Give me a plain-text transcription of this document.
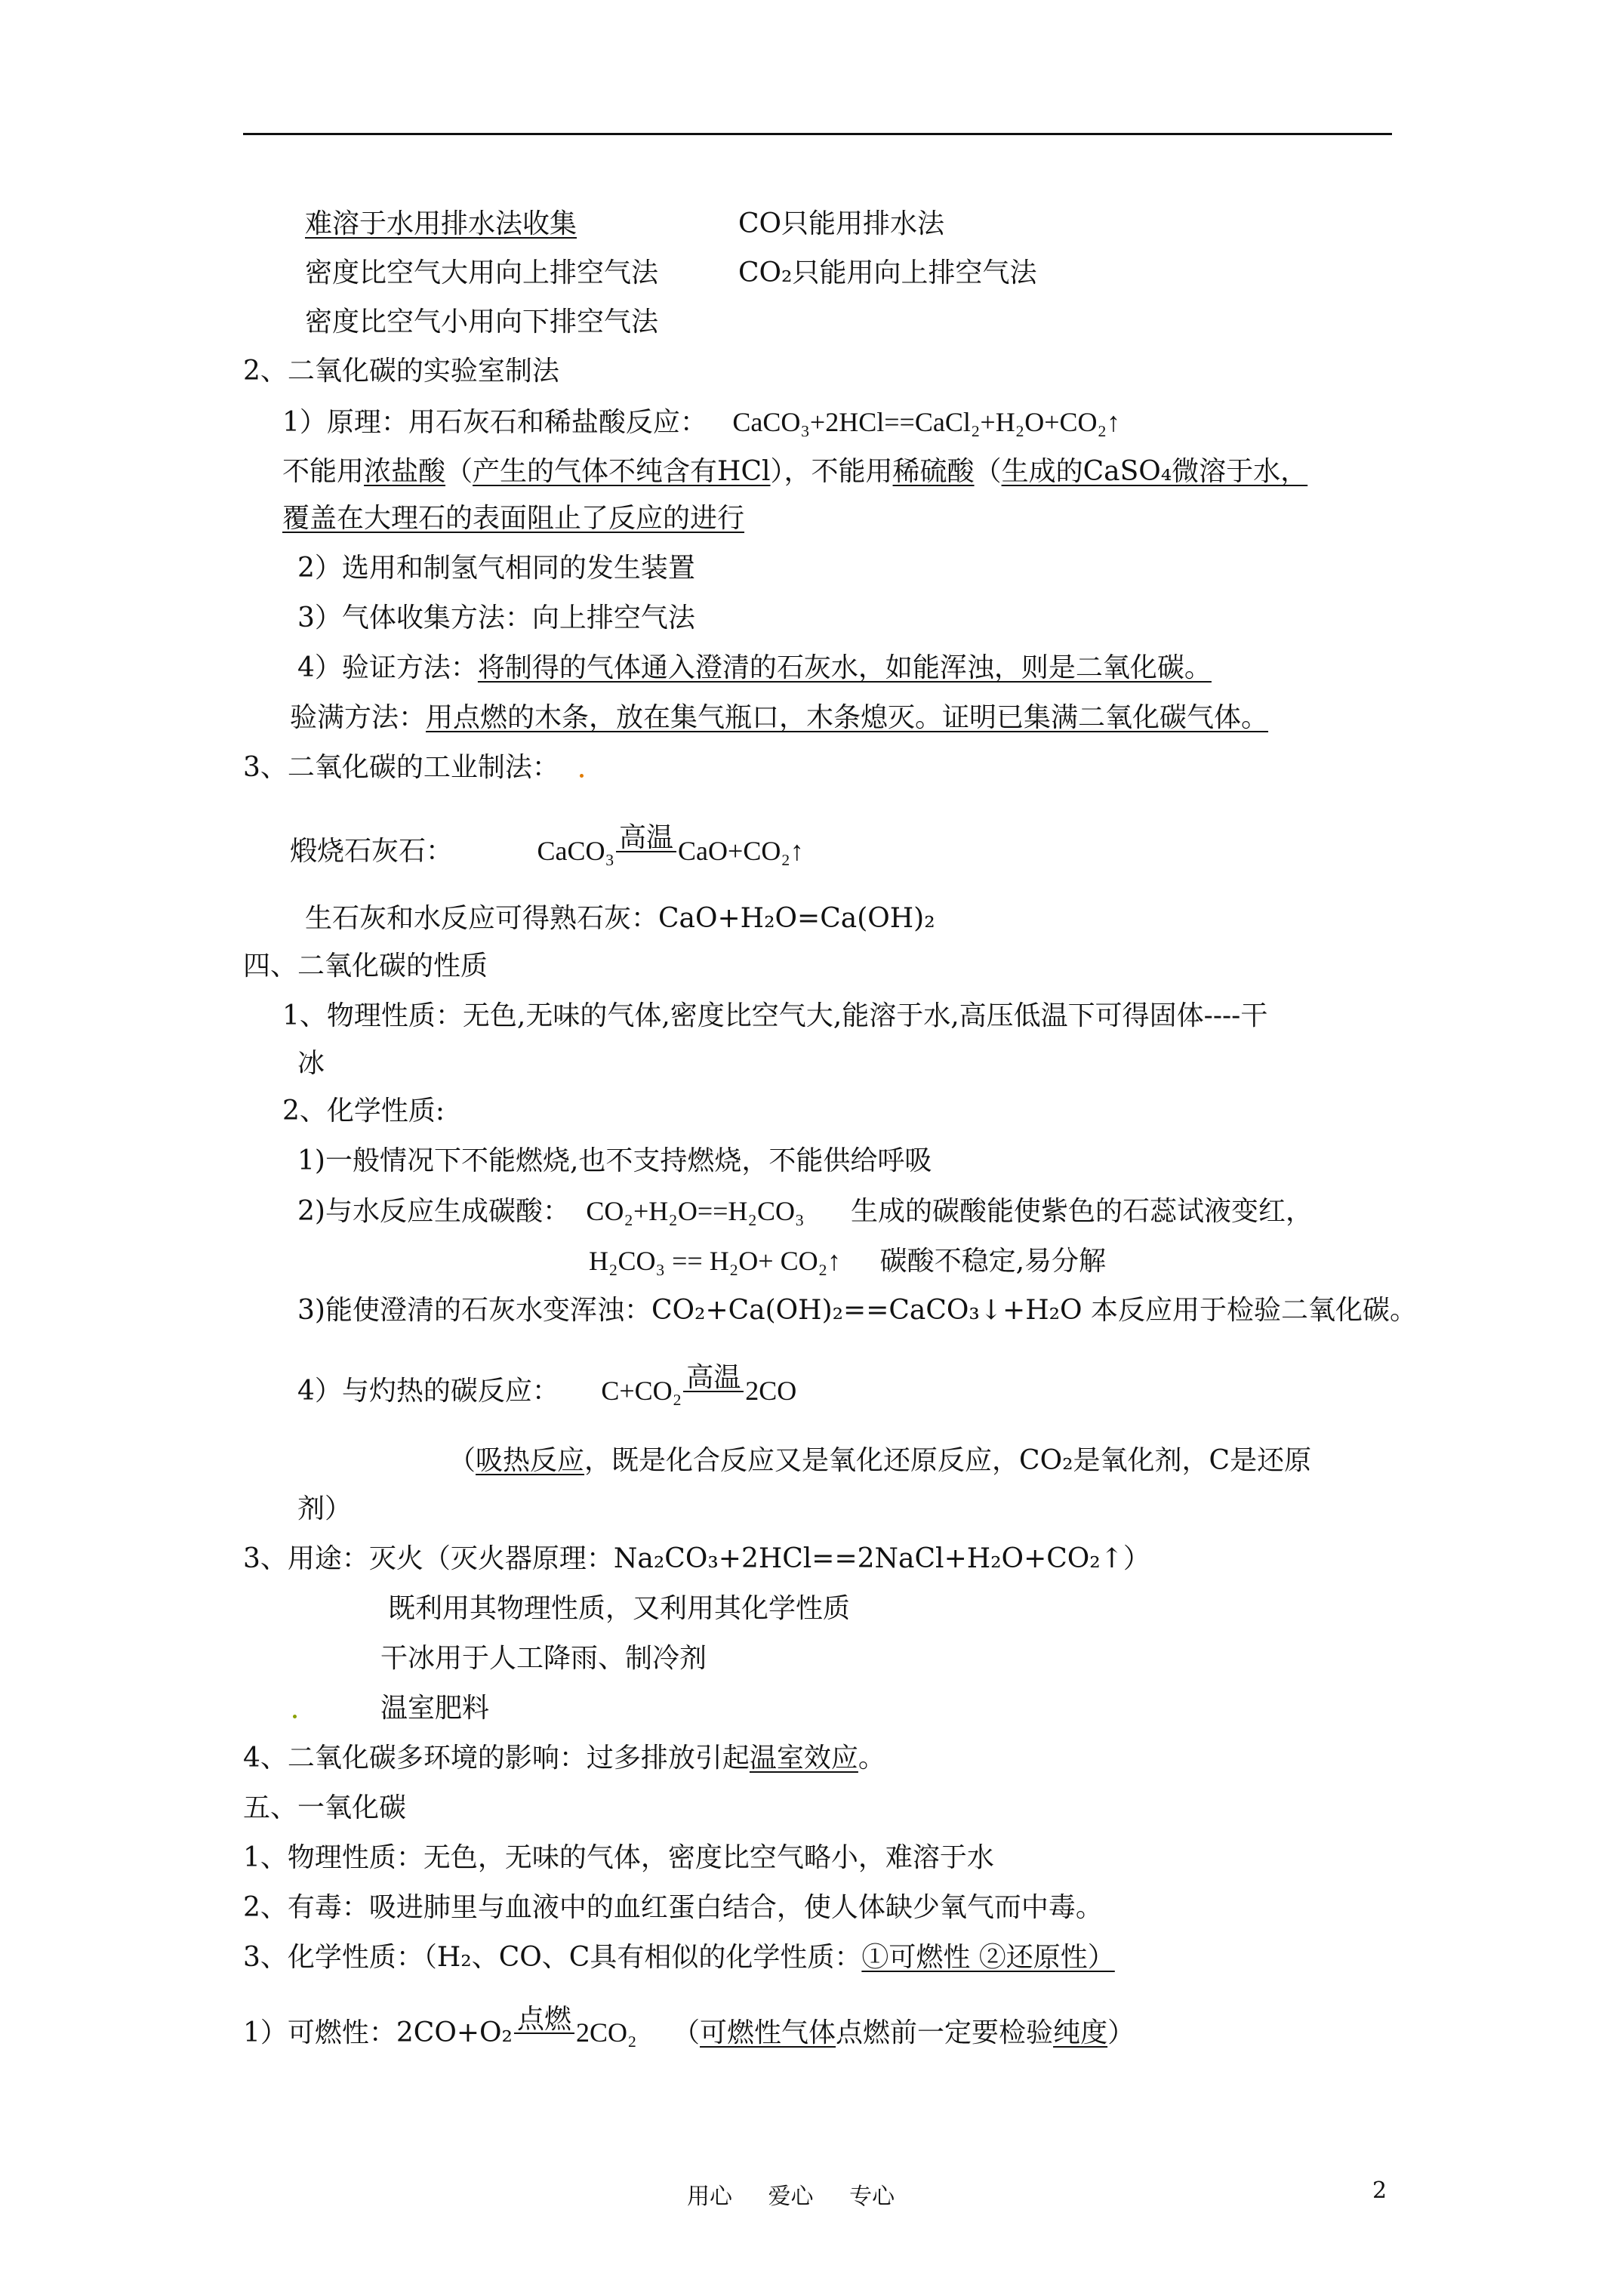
难溶于水用排水法收集	CO只能用排水法
密度比空气大用向上排空气法	CO₂只能用向上排空气法
密度比空气小用向下排空气法
2、二氧化碳的实验室制法
1）原理：用石灰石和稀盐酸反应： CaCO₃+2HCl==CaCl₂+H₂O+CO₂↑
不能用浓盐酸（产生的气体不纯含有HCl），不能用稀硫酸（生成的CaSO₄微溶于水，
覆盖在大理石的表面阻止了反应的进行
2）选用和制氢气相同的发生装置
3）气体收集方法：向上排空气法
4）验证方法：将制得的气体通入澄清的石灰水，如能浑浊，则是二氧化碳。
验满方法：用点燃的木条，放在集气瓶口，木条熄灭。证明已集满二氧化碳气体。
3、二氧化碳的工业制法：
煅烧石灰石：	CaCO₃ 高温 CaO+CO₂↑
生石灰和水反应可得熟石灰：CaO+H₂O=Ca(OH)₂
四、二氧化碳的性质
1、物理性质：无色,无味的气体,密度比空气大,能溶于水,高压低温下可得固体----干
冰
2、化学性质:
1)一般情况下不能燃烧,也不支持燃烧，不能供给呼吸
2)与水反应生成碳酸： CO₂+H₂O==H₂CO₃ 生成的碳酸能使紫色的石蕊试液变红，
H₂CO₃ == H₂O+ CO₂↑ 碳酸不稳定,易分解
3)能使澄清的石灰水变浑浊：CO₂+Ca(OH)₂==CaCO₃↓+H₂O 本反应用于检验二氧化碳。
4）与灼热的碳反应： C+CO₂ 高温 2CO
（吸热反应，既是化合反应又是氧化还原反应，CO₂是氧化剂，C是还原
剂）
3、用途：灭火（灭火器原理：Na₂CO₃+2HCl==2NaCl+H₂O+CO₂↑）
既利用其物理性质，又利用其化学性质
干冰用于人工降雨、制冷剂
温室肥料
4、二氧化碳多环境的影响：过多排放引起温室效应。
五、一氧化碳
1、物理性质：无色，无味的气体，密度比空气略小，难溶于水
2、有毒：吸进肺里与血液中的血红蛋白结合，使人体缺少氧气而中毒。
3、化学性质：（H₂、CO、C具有相似的化学性质：①可燃性 ②还原性）
1）可燃性：2CO+O₂ 点燃 2CO₂ （可燃性气体点燃前一定要检验纯度）
用心 爱心 专心	2
